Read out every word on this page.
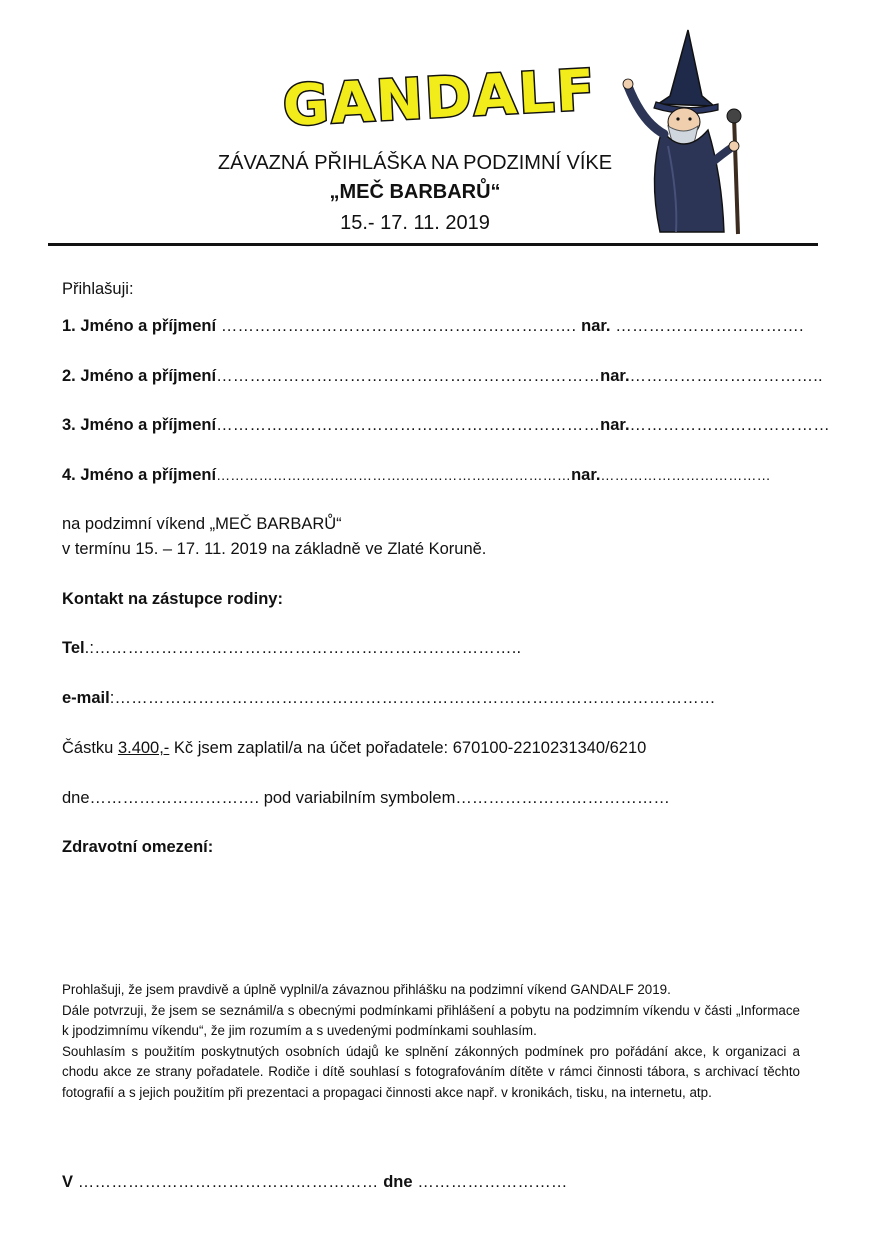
GANDALF
ZÁVAZNÁ PŘIHLÁŠKA NA PODZIMNÍ VÍKE
„MEČ BARBARŮ“
15.- 17. 11. 2019
Přihlašuji:
1. Jméno a příjmení ………………………………………………………. nar. …………………………….
2. Jméno a příjmení……………………………………………………………nar.……………………………..
3. Jméno a příjmení……………………………………………………………nar.………………………………
4. Jméno a příjmení…………………………………………………………………nar.………………………………
na podzimní víkend „MEČ BARBARŮ“
v termínu 15. – 17. 11. 2019 na základně ve Zlaté Koruně.
Kontakt na zástupce rodiny:
Tel.:…………………………………………………………………..
e-mail:………………………………………………………………………………………………
Částku 3.400,- Kč jsem zaplatil/a na účet pořadatele: 670100-2210231340/6210
dne…………………………. pod variabilním symbolem…………………………………
Zdravotní omezení:

Prohlašuji, že jsem pravdivě a úplně vyplnil/a závaznou přihlášku na podzimní víkend GANDALF 2019.

Dále potvrzuji, že jsem se seznámil/a s obecnými podmínkami přihlášení a pobytu na podzimním víkendu v části „Informace k jpodzimnímu víkendu“, že jim rozumím a s uvedenými podmínkami souhlasím.

Souhlasím s použitím poskytnutých osobních údajů ke splnění zákonných podmínek pro pořádání akce, k organizaci a chodu akce ze strany pořadatele. Rodiče i dítě souhlasí s fotografováním dítěte v rámci činnosti tábora, s archivací těchto fotografií a s jejich použitím při prezentaci a propagaci činnosti akce např. v kronikách, tisku, na internetu, atp.

V ……………………………………………… dne ………………………
